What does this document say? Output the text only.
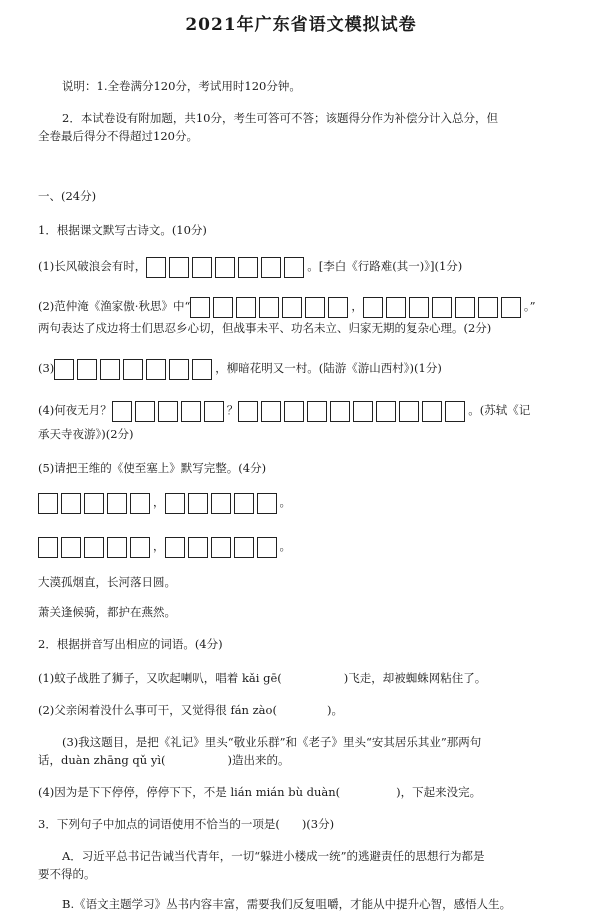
2021年广东省语文模拟试卷
说明：1.全卷满分120分，考试用时120分钟。
2．本试卷设有附加题，共10分，考生可答可不答；该题得分作为补偿分计入总分，但
全卷最后得分不得超过120分。
一、(24分)
1．根据课文默写古诗文。(10分)
(1)长风破浪会有时，	。[李白《行路难(其一)》](1分)
(2)范仲淹《渔家傲·秋思》中“	，	。”
两句表达了戍边将士们思忍乡心切，但战事未平、功名未立、归家无期的复杂心理。(2分)
(3)	，柳暗花明又一村。(陆游《游山西村》)(1分)
(4)何夜无月？	？	。(苏轼《记
承天寺夜游》)(2分)
(5)请把王维的《使至塞上》默写完整。(4分)
，	。
，	。
大漠孤烟直，长河落日圆。
萧关逢候骑，都护在燕然。
2．根据拼音写出相应的词语。(4分)
(1)蚊子战胜了狮子，又吹起喇叭，唱着 kǎi gē(	)飞走，却被蜘蛛网粘住了。
(2)父亲闲着没什么事可干，又觉得很 fán zào(	)。
(3)我这题目，是把《礼记》里头“敬业乐群”和《老子》里头“安其居乐其业”那两句
话，duàn zhāng qǔ yì(	)造出来的。
(4)因为是下下停停，停停下下，不是 lián mián bù duàn(	)，下起来没完。
3．下列句子中加点的词语使用不恰当的一项是( )(3分)
A．习近平总书记告诫当代青年，一切“躲进小楼成一统”的逃避责任的思想行为都是
要不得的。
B.《语文主题学习》丛书内容丰富，需要我们反复咀嚼，才能从中提升心智，感悟人生。
